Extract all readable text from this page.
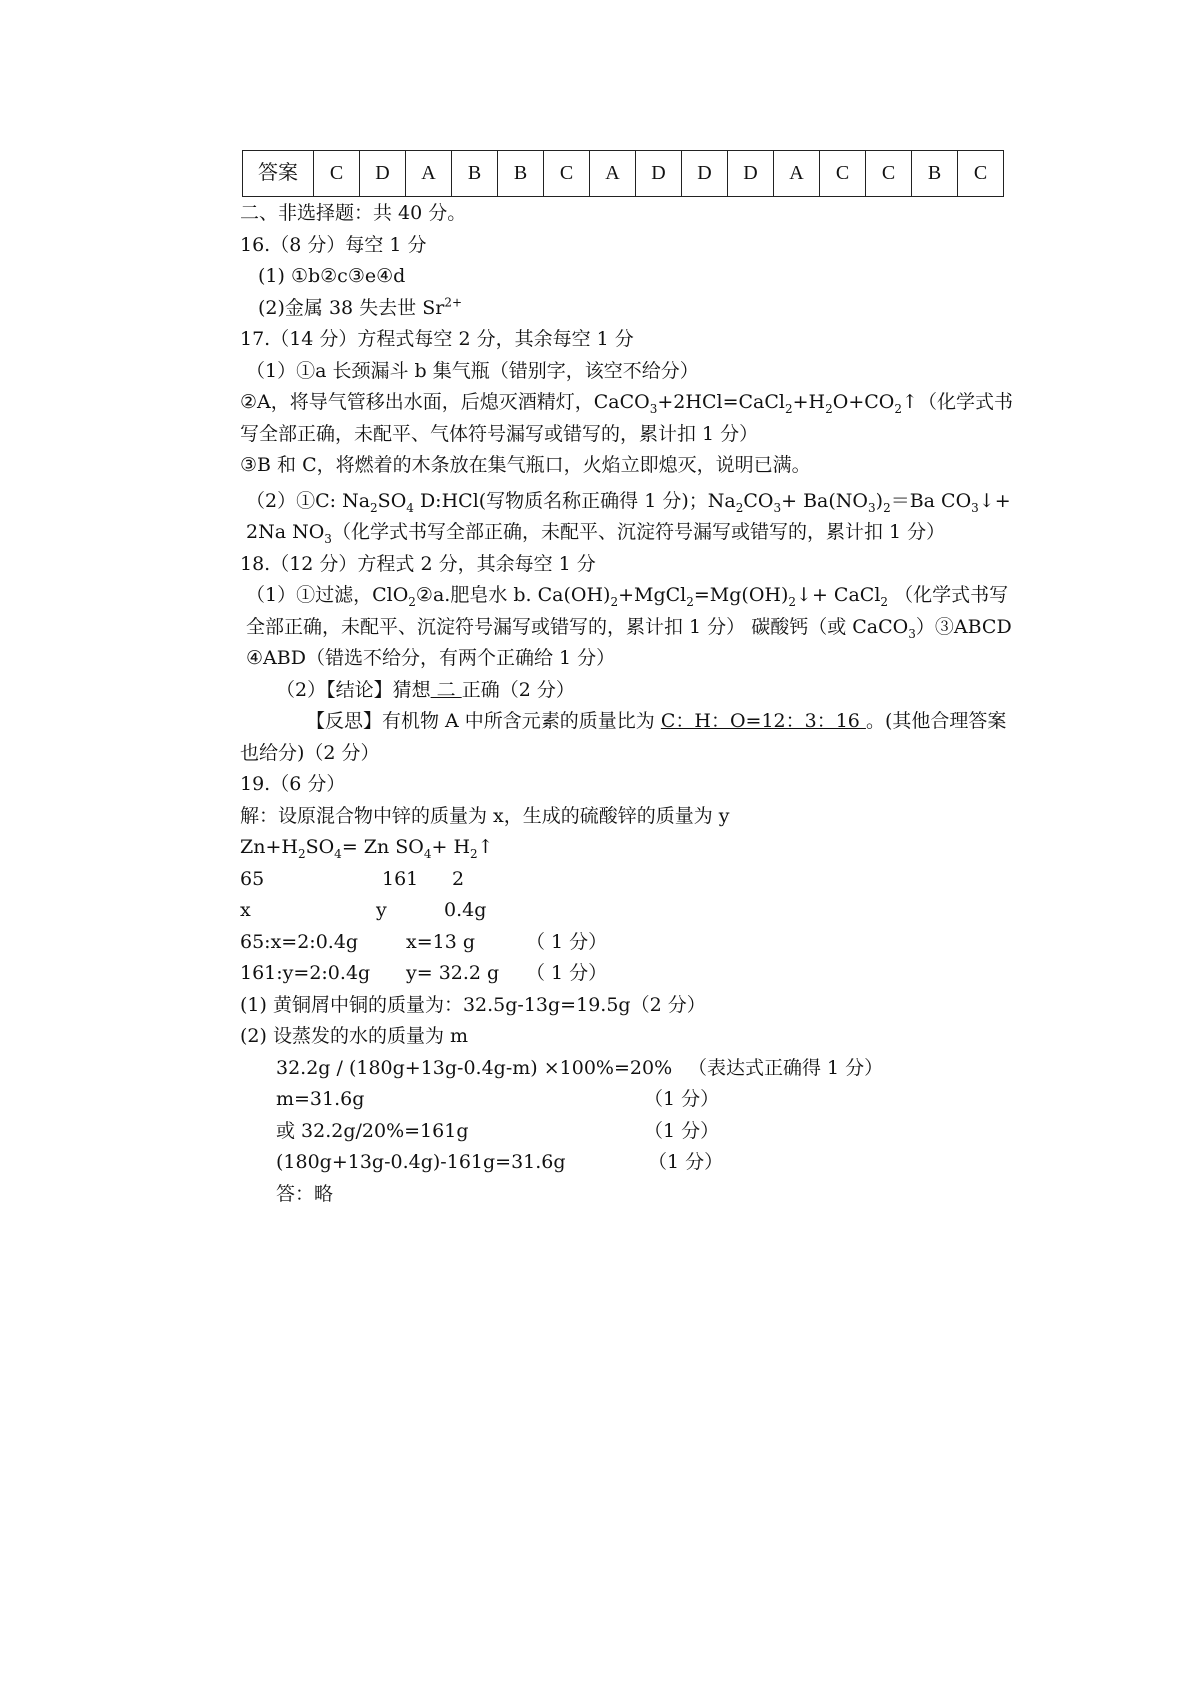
答案	C	D	A	B	B	C	A	D	D	D	A	C	C	B	C

二、非选择题：共 40 分。

16.（8 分）每空 1 分

(1) ①b②c③e④d

(2)金属 38 失去世 $Sr^{2+}$

17.（14 分）方程式每空 2 分，其余每空 1 分

（1）①a 长颈漏斗 b 集气瓶（错别字，该空不给分）

②A，将导气管移出水面，后熄灭酒精灯，$CaCO_3+2HCl=CaCl_2+H_2O+CO_2↑$（化学式书写全部正确，未配平、气体符号漏写或错写的，累计扣 1 分）

③B 和 C，将燃着的木条放在集气瓶口，火焰立即熄灭，说明已满。

（2）①C: $Na_2SO_4$ D:HCl(写物质名称正确得 1 分)；$Na_2CO_3+ Ba(NO_3)_2=Ba$ $CO_3↓+ 2Na$ $NO_3$（化学式书写全部正确，未配平、沉淀符号漏写或错写的，累计扣 1 分）

18.（12 分）方程式 2 分，其余每空 1 分

（1）①过滤，ClO$_2$②a.肥皂水 b. $Ca(OH)_2+MgCl_2=Mg(OH)_2↓+$ CaCl$_2$ （化学式书写全部正确，未配平、沉淀符号漏写或错写的，累计扣 1 分） 碳酸钙（或 CaCO$_3$）③ABCD ④ABD（错选不给分，有两个正确给 1 分）

（2）【结论】猜想 二 正确（2 分）

【反思】有机物 A 中所含元素的质量比为 C：H：O=12：3：16 。(其他合理答案也给分)（2 分）

19.（6 分）

解：设原混合物中锌的质量为 x，生成的硫酸锌的质量为 y

$Zn+H_2SO_4= Zn$ $SO_4+$ $H_2↑$

65	161 2

x	y	0.4g

65:x=2:0.4g	x=13 g	（ 1 分）

161:y=2:0.4g y= 32.2 g （ 1 分）

(1) 黄铜屑中铜的质量为：32.5g-13g=19.5g（2 分）

(2) 设蒸发的水的质量为 m

32.2g / (180g+13g-0.4g-m) ×100%=20% （表达式正确得 1 分）

m=31.6g	（1 分）

或 32.2g/20%=161g	（1 分）

(180g+13g-0.4g)-161g=31.6g	（1 分）

答：略
